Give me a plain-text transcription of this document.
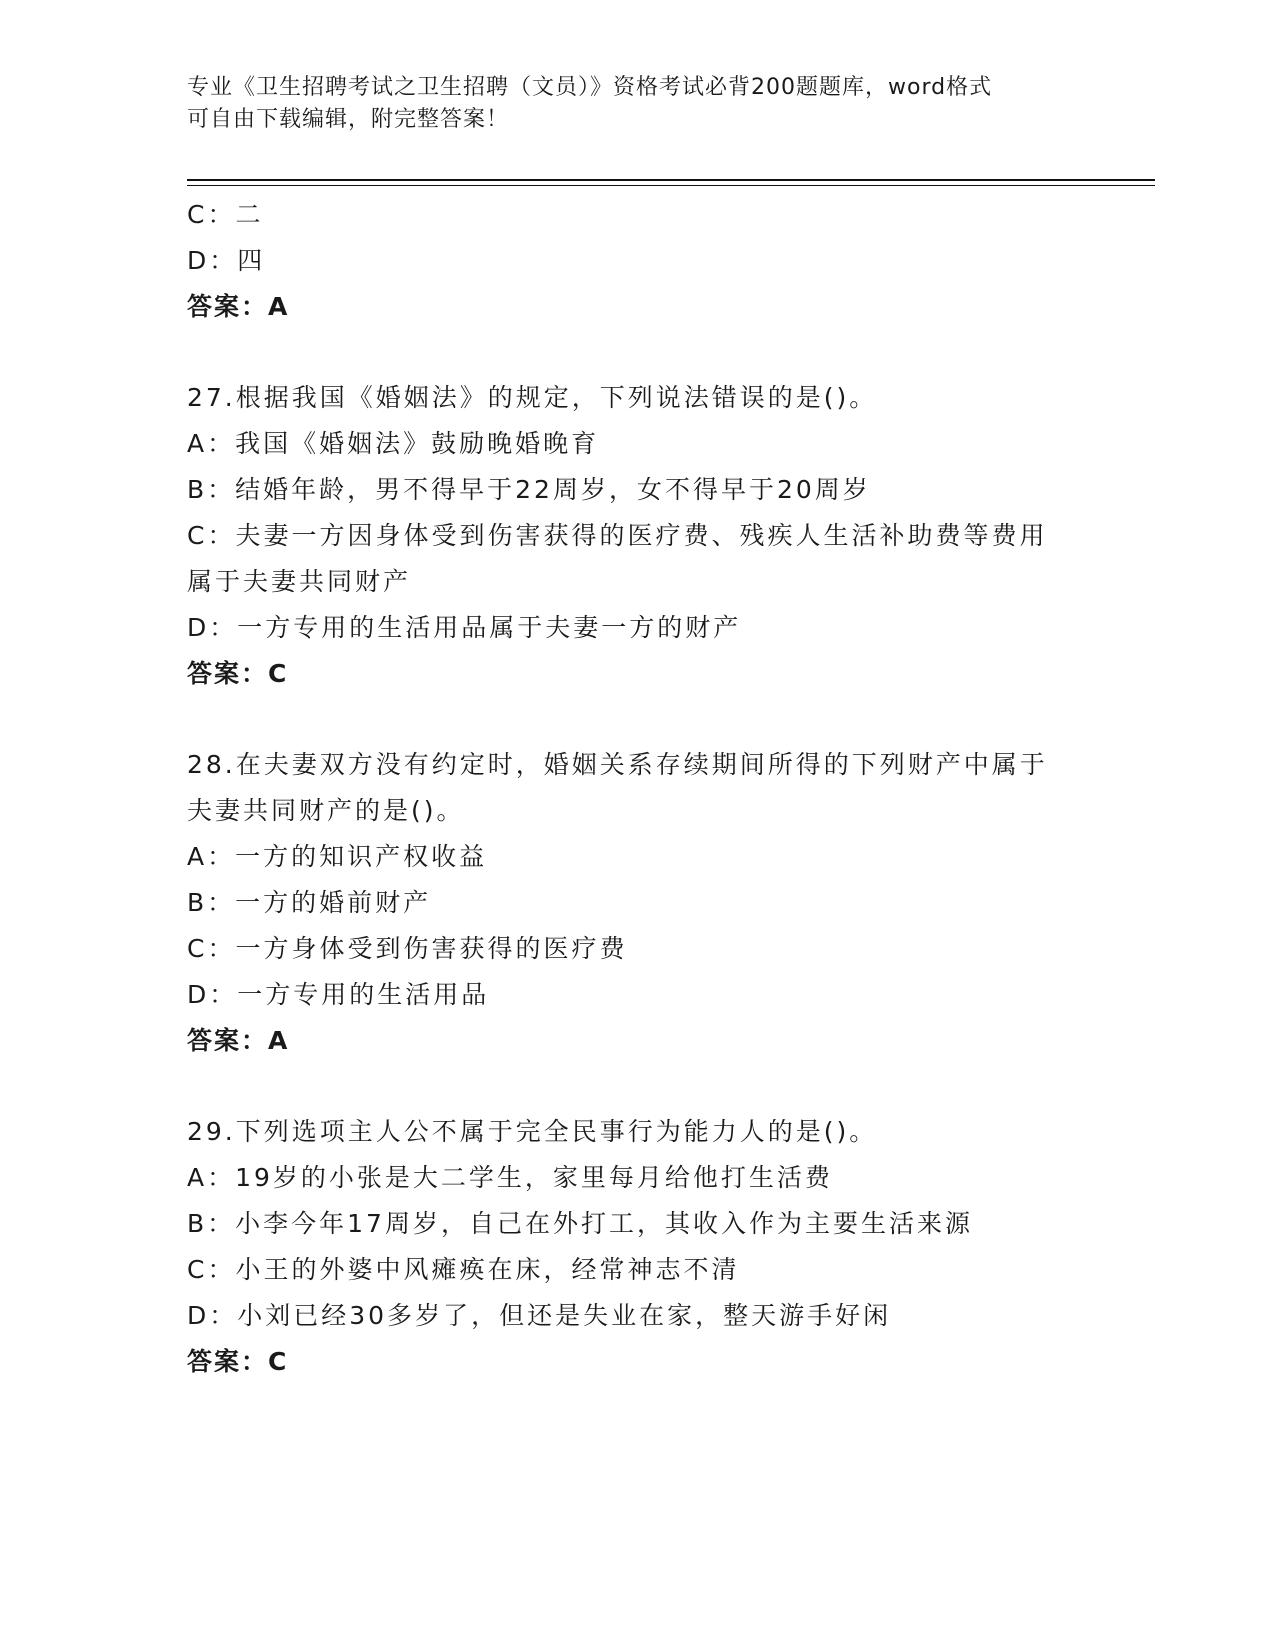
专业《卫生招聘考试之卫生招聘（文员）》资格考试必背200题题库，word格式
可自由下载编辑，附完整答案！
C：二
D：四
答案：A
27.根据我国《婚姻法》的规定，下列说法错误的是()。
A：我国《婚姻法》鼓励晚婚晚育
B：结婚年龄，男不得早于22周岁，女不得早于20周岁
C：夫妻一方因身体受到伤害获得的医疗费、残疾人生活补助费等费用
属于夫妻共同财产
D：一方专用的生活用品属于夫妻一方的财产
答案：C
28.在夫妻双方没有约定时，婚姻关系存续期间所得的下列财产中属于
夫妻共同财产的是()。
A：一方的知识产权收益
B：一方的婚前财产
C：一方身体受到伤害获得的医疗费
D：一方专用的生活用品
答案：A
29.下列选项主人公不属于完全民事行为能力人的是()。
A：19岁的小张是大二学生，家里每月给他打生活费
B：小李今年17周岁，自己在外打工，其收入作为主要生活来源
C：小王的外婆中风瘫痪在床，经常神志不清
D：小刘已经30多岁了，但还是失业在家，整天游手好闲
答案：C
